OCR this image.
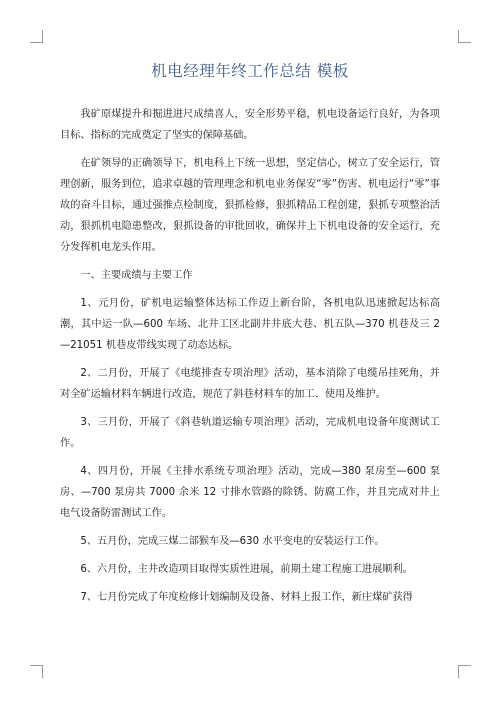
机电经理年终工作总结 模板

我矿原煤提升和掘进进尺成绩喜人，安全形势平稳，机电设备运行良好，为各项目标、指标的完成奠定了坚实的保障基础。

在矿领导的正确领导下，机电科上下统一思想，坚定信心，树立了安全运行，管理创新，服务到位，追求卓越的管理理念和机电业务保安“零”伤害、机电运行“零”事故的奋斗目标，通过强推点检制度，狠抓检修，狠抓精品工程创建，狠抓专项整治活动，狠抓机电隐患整改，狠抓设备的审批回收，确保井上下机电设备的安全运行，充分发挥机电龙头作用。

一、主要成绩与主要工作

1、元月份，矿机电运输整体达标工作迈上新台阶，各机电队迅速掀起达标高潮，其中运一队—600 车场、北井工区北副井井底大巷、机五队—370 机巷及三 2—21051 机巷皮带线实现了动态达标。

2、二月份，开展了《电缆排查专项治理》活动，基本消除了电缆吊挂死角，并对全矿运输材料车辆进行改造，规范了斜巷材料车的加工、使用及维护。

3、三月份，开展了《斜巷轨道运输专项治理》活动，完成机电设备年度测试工作。

4、四月份，开展《主排水系统专项治理》活动，完成—380 泵房至—600 泵房、—700 泵房共 7000 余米 12 寸排水管路的除锈、防腐工作，并且完成对井上电气设备防雷测试工作。

5、五月份，完成三煤二部猴车及—630 水平变电的安装运行工作。

6、六月份，主井改造项目取得实质性进展，前期土建工程施工进展顺利。

7、七月份完成了年度检修计划编制及设备、材料上报工作，新庄煤矿获得
